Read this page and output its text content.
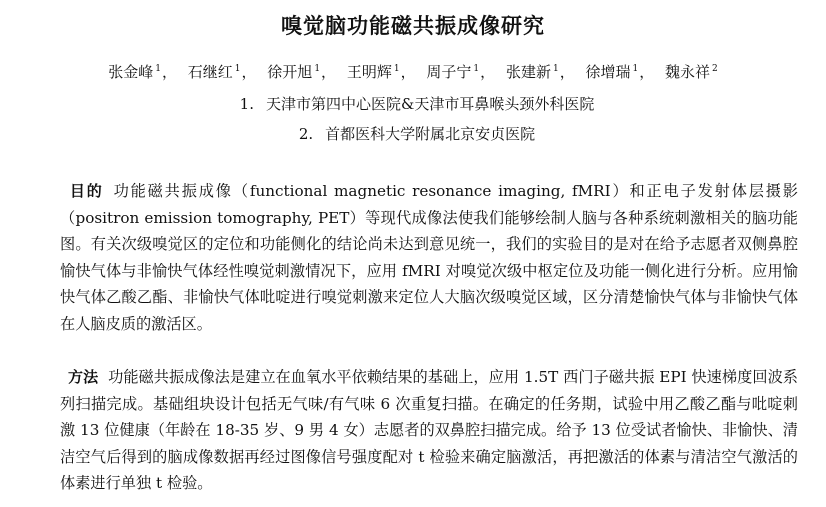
嗅觉脑功能磁共振成像研究
张金峰 $^1$， 石继红 $^1$， 徐开旭 $^1$， 王明辉 $^1$， 周子宁 $^1$， 张建新 $^1$， 徐增瑞 $^1$， 魏永祥 $^2$
1. 天津市第四中心医院&天津市耳鼻喉头颈外科医院
2. 首都医科大学附属北京安贞医院
目的 功能磁共振成像（functional magnetic resonance imaging, fMRI）和正电子发射体层摄影（positron emission tomography, PET）等现代成像法使我们能够绘制人脑与各种系统刺激相关的脑功能图。有关次级嗅觉区的定位和功能侧化的结论尚未达到意见统一，我们的实验目的是对在给予志愿者双侧鼻腔愉快气体与非愉快气体经性嗅觉刺激情况下，应用 fMRI 对嗅觉次级中枢定位及功能一侧化进行分析。应用愉快气体乙酸乙酯、非愉快气体吡啶进行嗅觉刺激来定位人大脑次级嗅觉区域，区分清楚愉快气体与非愉快气体在人脑皮质的激活区。
方法 功能磁共振成像法是建立在血氧水平依赖结果的基础上，应用 1.5T 西门子磁共振 EPI 快速梯度回波系列扫描完成。基础组块设计包括无气味/有气味 6 次重复扫描。在确定的任务期，试验中用乙酸乙酯与吡啶刺激 13 位健康（年龄在 18-35 岁、9 男 4 女）志愿者的双鼻腔扫描完成。给予 13 位受试者愉快、非愉快、清洁空气后得到的脑成像数据再经过图像信号强度配对 t 检验来确定脑激活，再把激活的体素与清洁空气激活的体素进行单独 t 检验。
